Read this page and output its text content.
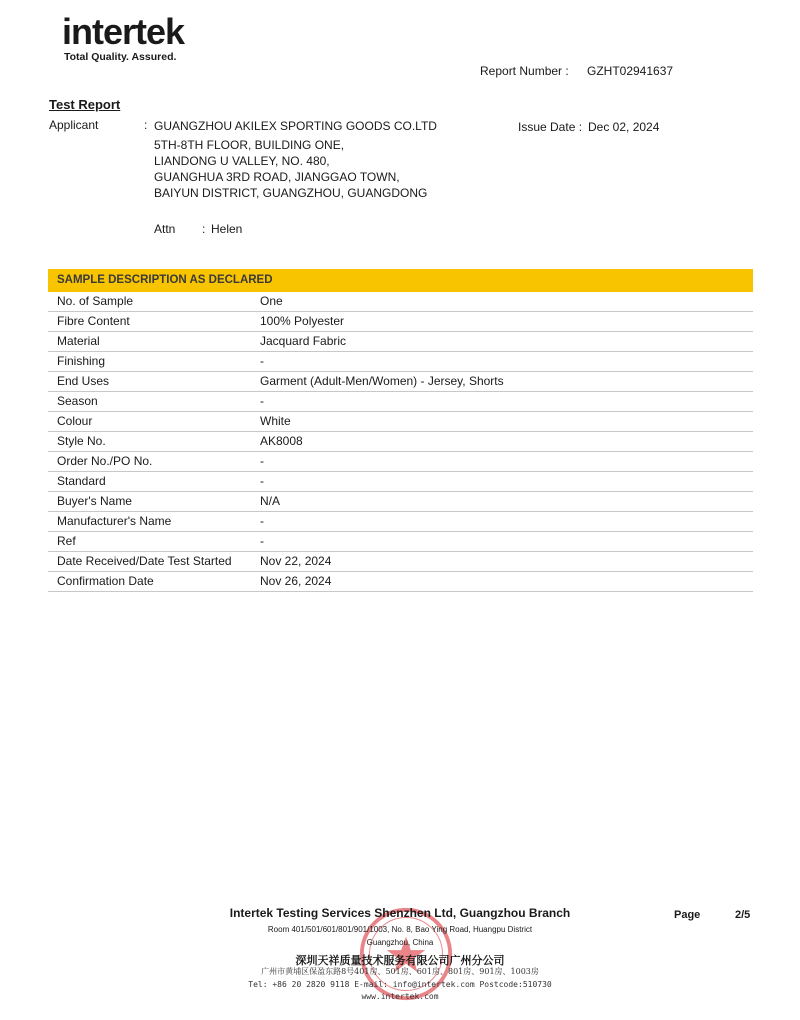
intertek
Total Quality. Assured.
Report Number : GZHT02941637
Test Report
Applicant	: GUANGZHOU AKILEX SPORTING GOODS CO.LTD
5TH-8TH FLOOR, BUILDING ONE,
LIANDONG U VALLEY, NO. 480,
GUANGHUA 3RD ROAD, JIANGGAO TOWN,
BAIYUN DISTRICT, GUANGZHOU, GUANGDONG
Issue Date : Dec 02, 2024
Attn : Helen
SAMPLE DESCRIPTION AS DECLARED
No. of Sample	One
Fibre Content	100% Polyester
Material	Jacquard Fabric
Finishing	-
End Uses	Garment (Adult-Men/Women) - Jersey, Shorts
Season	-
Colour	White
Style No.	AK8008
Order No./PO No.	-
Standard	-
Buyer's Name	N/A
Manufacturer's Name	-
Ref	-
Date Received/Date Test Started	Nov 22, 2024
Confirmation Date	Nov 26, 2024
Intertek Testing Services Shenzhen Ltd, Guangzhou Branch
Room 401/501/601/801/901/1003, No. 8, Bao Ying Road, Huangpu District
Guangzhou, China
深圳天祥质量技术服务有限公司广州分公司
广州市黄埔区保盈东路8号401房、501房、601房、801房、901房、1003房
Tel: +86 20 2820 9118 E-mail: info@intertek.com Postcode:510730
www.intertek.com
Page	2/5
